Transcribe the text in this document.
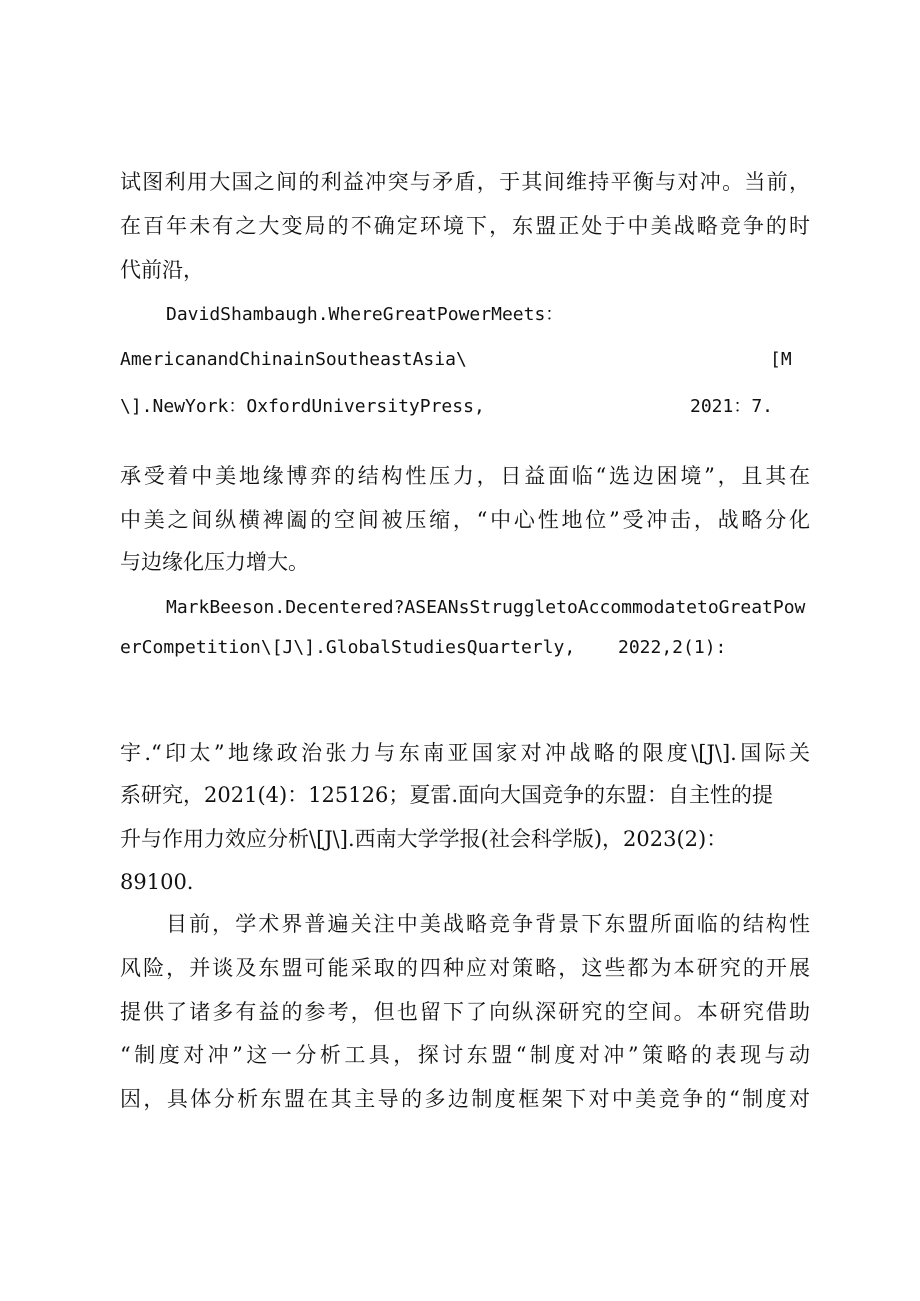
试图利用大国之间的利益冲突与矛盾，于其间维持平衡与对冲。当前，
在百年未有之大变局的不确定环境下，东盟正处于中美战略竞争的时
代前沿，
DavidShambaugh.WhereGreatPowerMeets：
AmericanandChinainSoutheastAsia\	[M
\].NewYork：OxfordUniversityPress,	2021：7.
承受着中美地缘博弈的结构性压力，日益面临“选边困境”，且其在
中美之间纵横裨阖的空间被压缩，“中心性地位”受冲击，战略分化
与边缘化压力增大。
MarkBeeson.Decentered?ASEANsStruggletoAccommodatetoGreatPow
erCompetition\[J\].GlobalStudiesQuarterly, 2022,2(1):
宇.“印太”地缘政治张力与东南亚国家对冲战略的限度\[J\].国际关
系研究，2021(4)：125126；夏雷.面向大国竞争的东盟：自主性的提
升与作用力效应分析\[J\].西南大学学报(社会科学版)，2023(2)：
89100.
目前，学术界普遍关注中美战略竞争背景下东盟所面临的结构性
风险，并谈及东盟可能采取的四种应对策略，这些都为本研究的开展
提供了诸多有益的参考，但也留下了向纵深研究的空间。本研究借助
“制度对冲”这一分析工具，探讨东盟“制度对冲”策略的表现与动
因，具体分析东盟在其主导的多边制度框架下对中美竞争的“制度对
